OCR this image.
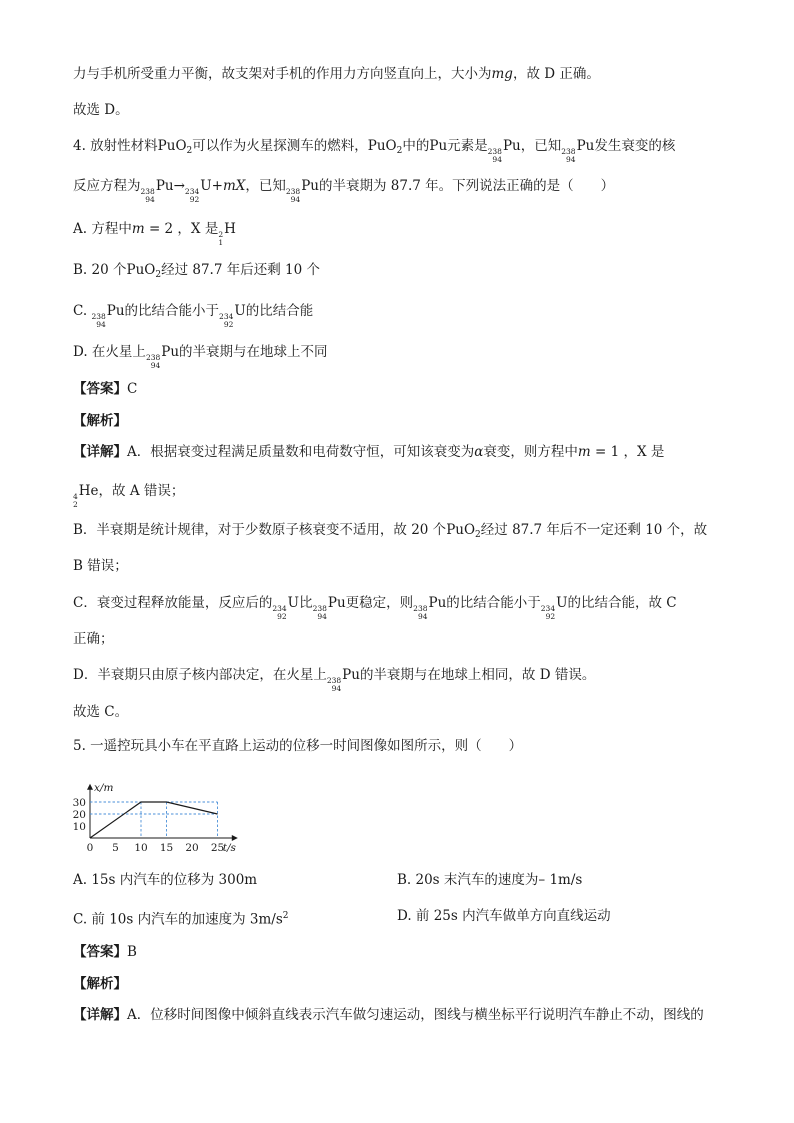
力与手机所受重力平衡，故支架对手机的作用力方向竖直向上，大小为mg，故 D 正确。
故选 D。
4. 放射性材料PuO$_2$可以作为火星探测车的燃料，PuO$_2$中的Pu元素是 238
94
Pu，已知 238
94
Pu发生衰变的核
反应方程为 238
94
Pu→ 234
92
U+mX，已知 238
94
Pu的半衰期为 87.7 年。下列说法正确的是（　　）
A. 方程中m = 2 ，X 是 2
1
H
B. 20 个PuO$_2$经过 87.7 年后还剩 10 个
C. 238
94
Pu的比结合能小于 234
92
U的比结合能
D. 在火星上 238
94
Pu的半衰期与在地球上不同
【答案】C
【解析】
【详解】A．根据衰变过程满足质量数和电荷数守恒，可知该衰变为α衰变，则方程中m = 1 ，X 是
4
2
He，故 A 错误；
B．半衰期是统计规律，对于少数原子核衰变不适用，故 20 个PuO$_2$经过 87.7 年后不一定还剩 10 个，故
B 错误；
C．衰变过程释放能量，反应后的 234
92
U比 238
94
Pu更稳定，则 238
94
Pu的比结合能小于 234
92
U的比结合能，故 C
正确；
D．半衰期只由原子核内部决定，在火星上 238
94
Pu的半衰期与在地球上相同，故 D 错误。
故选 C。
5. 一遥控玩具小车在平直路上运动的位移一时间图像如图所示，则（　　）
x/m
t/s
0 5 10 15 20 25
10
20
30
A. 15s 内汽车的位移为 300m	B. 20s 末汽车的速度为– 1m/s
C. 前 10s 内汽车的加速度为 $3m/s^2$	D. 前 25s 内汽车做单方向直线运动
【答案】B
【解析】
【详解】A．位移时间图像中倾斜直线表示汽车做匀速运动，图线与横坐标平行说明汽车静止不动，图线的
